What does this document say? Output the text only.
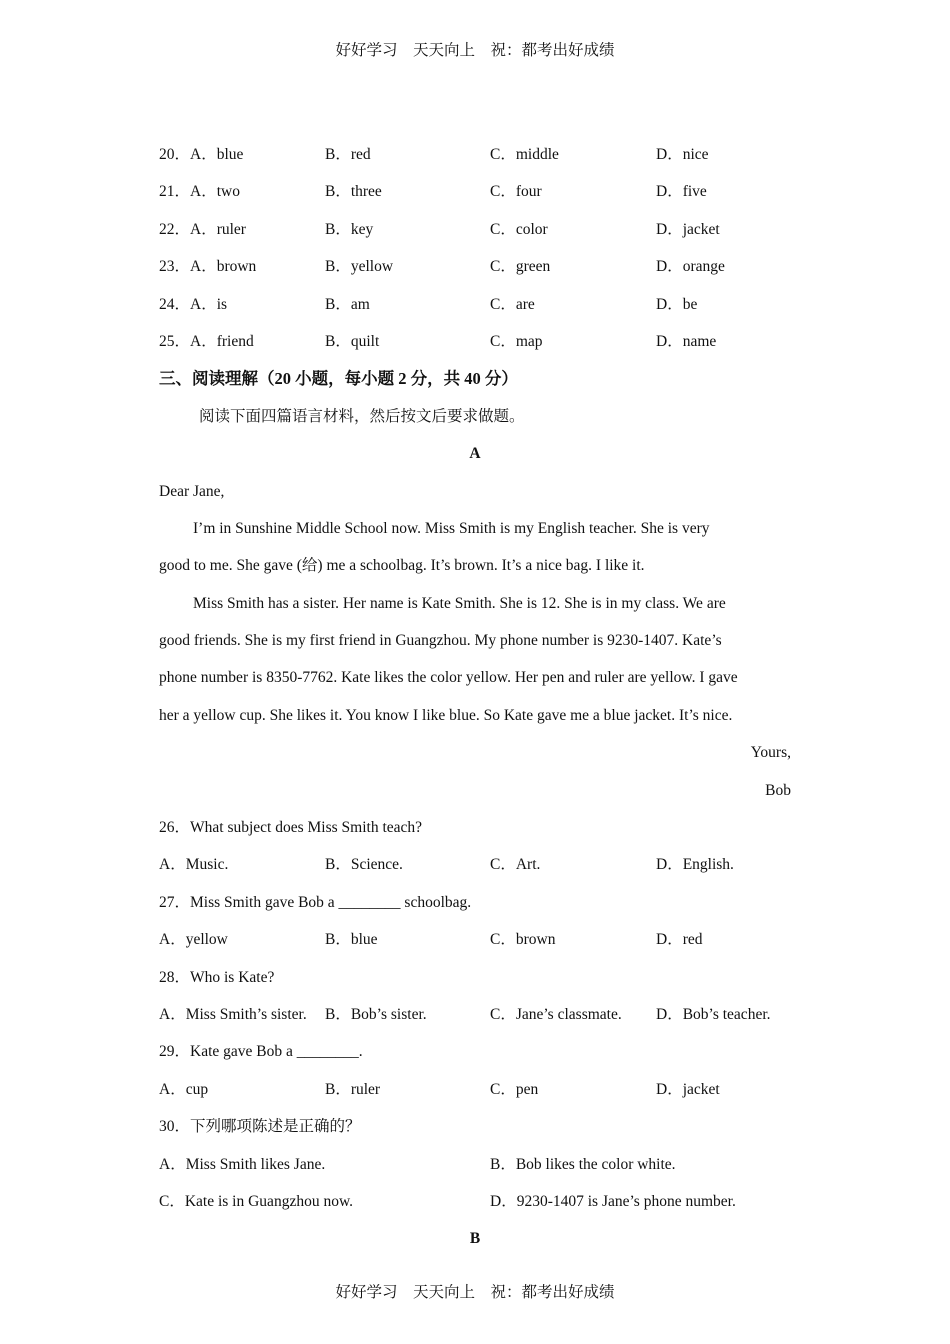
好好学习　天天向上　祝：都考出好成绩
20．A．blue	B．red	C．middle	D．nice
21．A．two	B．three	C．four	D．five
22．A．ruler	B．key	C．color	D．jacket
23．A．brown	B．yellow	C．green	D．orange
24．A．is	B．am	C．are	D．be
25．A．friend	B．quilt	C．map	D．name
三、阅读理解（20 小题，每小题 2 分，共 40 分）
阅读下面四篇语言材料，然后按文后要求做题。
A
Dear Jane,
I’m in Sunshine Middle School now. Miss Smith is my English teacher. She is very
good to me. She gave (给) me a schoolbag. It’s brown. It’s a nice bag. I like it.
Miss Smith has a sister. Her name is Kate Smith. She is 12. She is in my class. We are
good friends. She is my first friend in Guangzhou. My phone number is 9230-1407. Kate’s
phone number is 8350-7762. Kate likes the color yellow. Her pen and ruler are yellow. I gave
her a yellow cup. She likes it. You know I like blue. So Kate gave me a blue jacket. It’s nice.
Yours,
Bob
26．What subject does Miss Smith teach?
A．Music.	B．Science.	C．Art.	D．English.
27．Miss Smith gave Bob a ________ schoolbag.
A．yellow	B．blue	C．brown	D．red
28．Who is Kate?
A．Miss Smith’s sister. B．Bob’s sister.	C．Jane’s classmate. D．Bob’s teacher.
29．Kate gave Bob a ________.
A．cup	B．ruler	C．pen	D．jacket
30．下列哪项陈述是正确的？
A．Miss Smith likes Jane.	B．Bob likes the color white.
C．Kate is in Guangzhou now.	D．9230-1407 is Jane’s phone number.
B
好好学习　天天向上　祝：都考出好成绩
